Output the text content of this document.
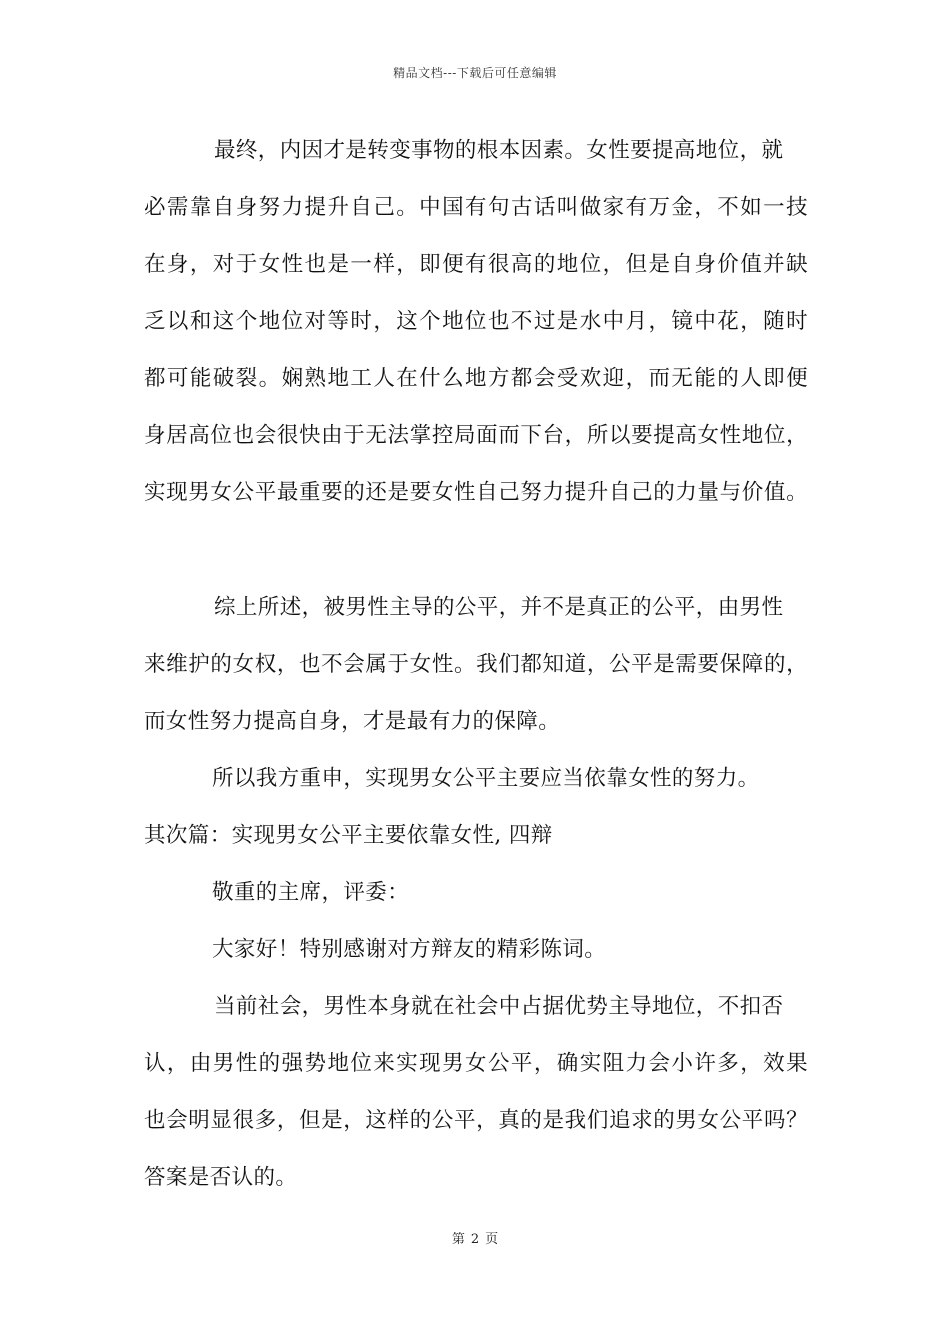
精品文档---下载后可任意编辑
最终，内因才是转变事物的根本因素。女性要提高地位，就
必需靠自身努力提升自己。中国有句古话叫做家有万金，不如一技
在身，对于女性也是一样，即便有很高的地位，但是自身价值并缺
乏以和这个地位对等时，这个地位也不过是水中月，镜中花，随时
都可能破裂。娴熟地工人在什么地方都会受欢迎，而无能的人即便
身居高位也会很快由于无法掌控局面而下台，所以要提高女性地位，
实现男女公平最重要的还是要女性自己努力提升自己的力量与价值。
综上所述，被男性主导的公平，并不是真正的公平，由男性
来维护的女权，也不会属于女性。我们都知道，公平是需要保障的，
而女性努力提高自身，才是最有力的保障。
所以我方重申，实现男女公平主要应当依靠女性的努力。
其次篇：实现男女公平主要依靠女性, 四辩
敬重的主席，评委：
大家好！特别感谢对方辩友的精彩陈词。
当前社会，男性本身就在社会中占据优势主导地位，不扣否
认，由男性的强势地位来实现男女公平，确实阻力会小许多，效果
也会明显很多，但是，这样的公平，真的是我们追求的男女公平吗？
答案是否认的。
第 2 页
